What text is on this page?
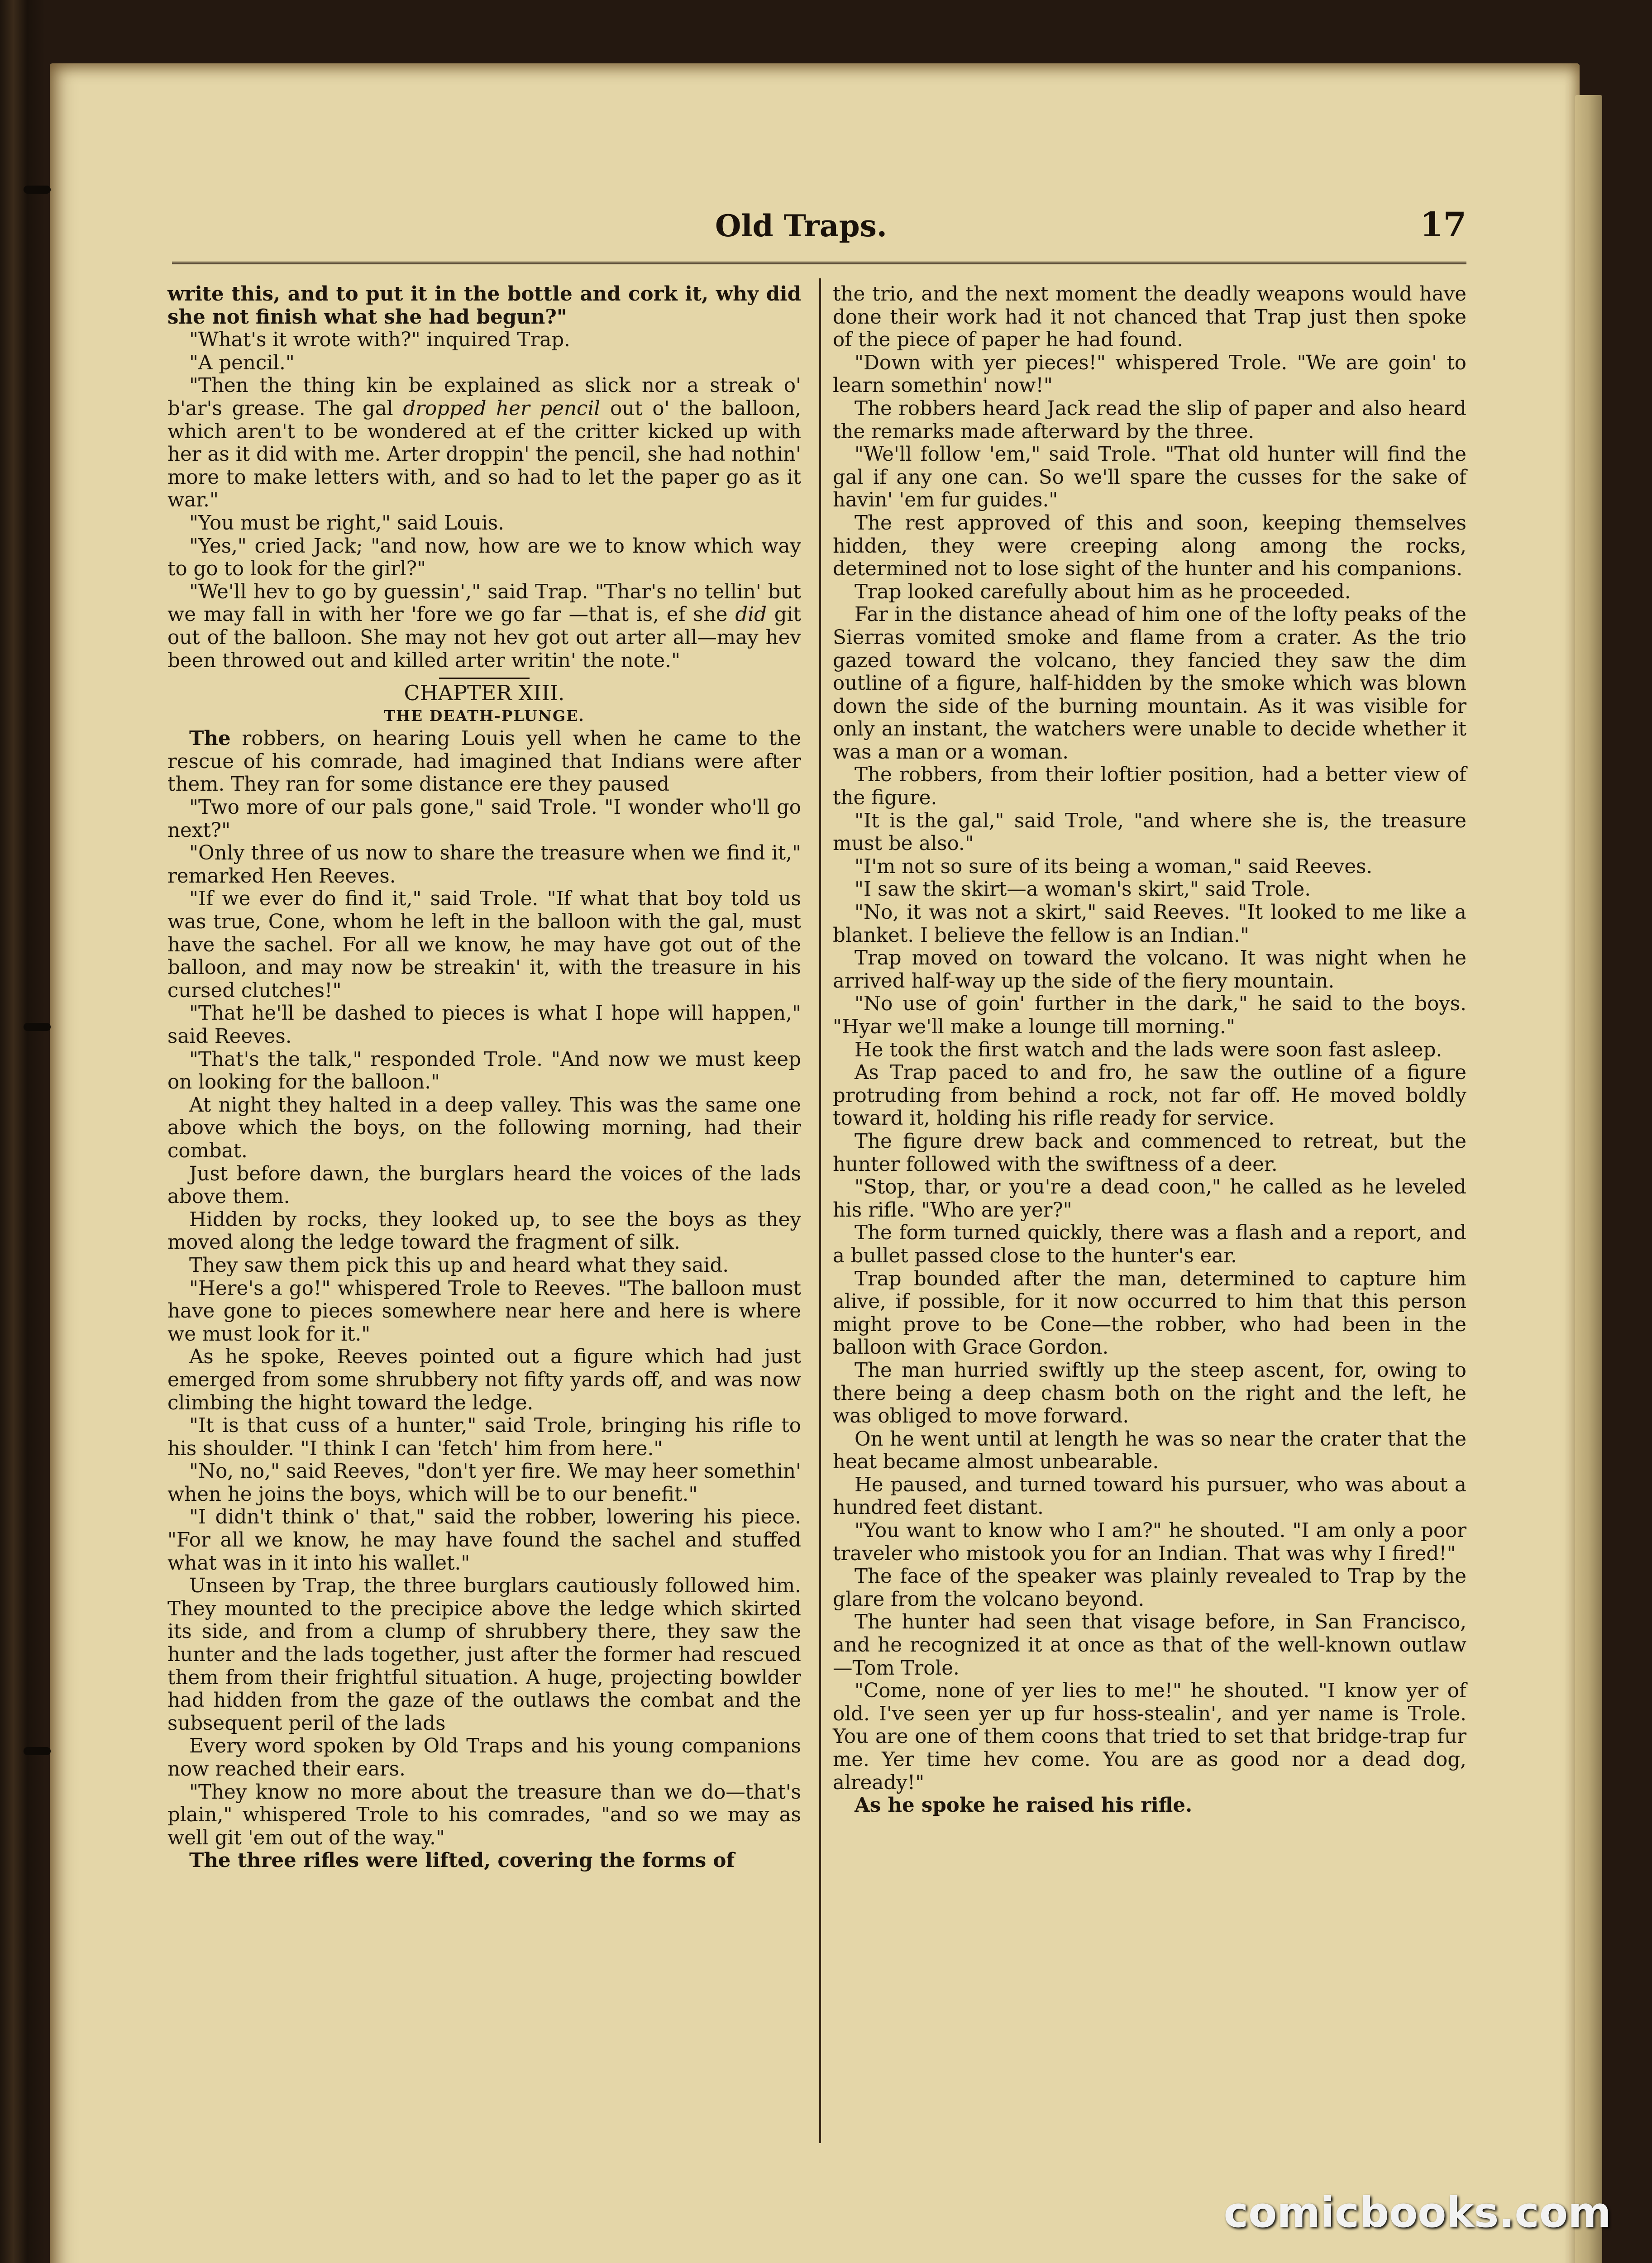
Old Traps.	17

write this, and to put it in the bottle and cork it, why did she not finish what she had begun?"

"What's it wrote with?" inquired Trap.

"A pencil."

"Then the thing kin be explained as slick nor a streak o' b'ar's grease. The gal dropped her pencil out o' the balloon, which aren't to be wondered at ef the critter kicked up with her as it did with me. Arter droppin' the pencil, she had nothin' more to make letters with, and so had to let the paper go as it war."

"You must be right," said Louis.

"Yes," cried Jack; "and now, how are we to know which way to go to look for the girl?"

"We'll hev to go by guessin'," said Trap. "Thar's no tellin' but we may fall in with her 'fore we go far —that is, ef she did git out of the balloon. She may not hev got out arter all—may hev been throwed out and killed arter writin' the note."

CHAPTER XIII.

THE DEATH-PLUNGE.

The robbers, on hearing Louis yell when he came to the rescue of his comrade, had imagined that Indians were after them. They ran for some distance ere they paused

"Two more of our pals gone," said Trole. "I wonder who'll go next?"

"Only three of us now to share the treasure when we find it," remarked Hen Reeves.

"If we ever do find it," said Trole. "If what that boy told us was true, Cone, whom he left in the balloon with the gal, must have the sachel. For all we know, he may have got out of the balloon, and may now be streakin' it, with the treasure in his cursed clutches!"

"That he'll be dashed to pieces is what I hope will happen," said Reeves.

"That's the talk," responded Trole. "And now we must keep on looking for the balloon."

At night they halted in a deep valley. This was the same one above which the boys, on the following morning, had their combat.

Just before dawn, the burglars heard the voices of the lads above them.

Hidden by rocks, they looked up, to see the boys as they moved along the ledge toward the fragment of silk.

They saw them pick this up and heard what they said.

"Here's a go!" whispered Trole to Reeves. "The balloon must have gone to pieces somewhere near here and here is where we must look for it."

As he spoke, Reeves pointed out a figure which had just emerged from some shrubbery not fifty yards off, and was now climbing the hight toward the ledge.

"It is that cuss of a hunter," said Trole, bringing his rifle to his shoulder. "I think I can 'fetch' him from here."

"No, no," said Reeves, "don't yer fire. We may heer somethin' when he joins the boys, which will be to our benefit."

"I didn't think o' that," said the robber, lowering his piece. "For all we know, he may have found the sachel and stuffed what was in it into his wallet."

Unseen by Trap, the three burglars cautiously followed him. They mounted to the precipice above the ledge which skirted its side, and from a clump of shrubbery there, they saw the hunter and the lads together, just after the former had rescued them from their frightful situation. A huge, projecting bowlder had hidden from the gaze of the outlaws the combat and the subsequent peril of the lads

Every word spoken by Old Traps and his young companions now reached their ears.

"They know no more about the treasure than we do—that's plain," whispered Trole to his comrades, "and so we may as well git 'em out of the way."

The three rifles were lifted, covering the forms of

the trio, and the next moment the deadly weapons would have done their work had it not chanced that Trap just then spoke of the piece of paper he had found.

"Down with yer pieces!" whispered Trole. "We are goin' to learn somethin' now!"

The robbers heard Jack read the slip of paper and also heard the remarks made afterward by the three.

"We'll follow 'em," said Trole. "That old hunter will find the gal if any one can. So we'll spare the cusses for the sake of havin' 'em fur guides."

The rest approved of this and soon, keeping themselves hidden, they were creeping along among the rocks, determined not to lose sight of the hunter and his companions.

Trap looked carefully about him as he proceeded.

Far in the distance ahead of him one of the lofty peaks of the Sierras vomited smoke and flame from a crater. As the trio gazed toward the volcano, they fancied they saw the dim outline of a figure, half-hidden by the smoke which was blown down the side of the burning mountain. As it was visible for only an instant, the watchers were unable to decide whether it was a man or a woman.

The robbers, from their loftier position, had a better view of the figure.

"It is the gal," said Trole, "and where she is, the treasure must be also."

"I'm not so sure of its being a woman," said Reeves.

"I saw the skirt—a woman's skirt," said Trole.

"No, it was not a skirt," said Reeves. "It looked to me like a blanket. I believe the fellow is an Indian."

Trap moved on toward the volcano. It was night when he arrived half-way up the side of the fiery mountain.

"No use of goin' further in the dark," he said to the boys. "Hyar we'll make a lounge till morning."

He took the first watch and the lads were soon fast asleep.

As Trap paced to and fro, he saw the outline of a figure protruding from behind a rock, not far off. He moved boldly toward it, holding his rifle ready for service.

The figure drew back and commenced to retreat, but the hunter followed with the swiftness of a deer.

"Stop, thar, or you're a dead coon," he called as he leveled his rifle. "Who are yer?"

The form turned quickly, there was a flash and a report, and a bullet passed close to the hunter's ear.

Trap bounded after the man, determined to capture him alive, if possible, for it now occurred to him that this person might prove to be Cone—the robber, who had been in the balloon with Grace Gordon.

The man hurried swiftly up the steep ascent, for, owing to there being a deep chasm both on the right and the left, he was obliged to move forward.

On he went until at length he was so near the crater that the heat became almost unbearable.

He paused, and turned toward his pursuer, who was about a hundred feet distant.

"You want to know who I am?" he shouted. "I am only a poor traveler who mistook you for an Indian. That was why I fired!"

The face of the speaker was plainly revealed to Trap by the glare from the volcano beyond.

The hunter had seen that visage before, in San Francisco, and he recognized it at once as that of the well-known outlaw—Tom Trole.

"Come, none of yer lies to me!" he shouted. "I know yer of old. I've seen yer up fur hoss-stealin', and yer name is Trole. You are one of them coons that tried to set that bridge-trap fur me. Yer time hev come. You are as good nor a dead dog, already!"

As he spoke he raised his rifle.

comicbooks.com
